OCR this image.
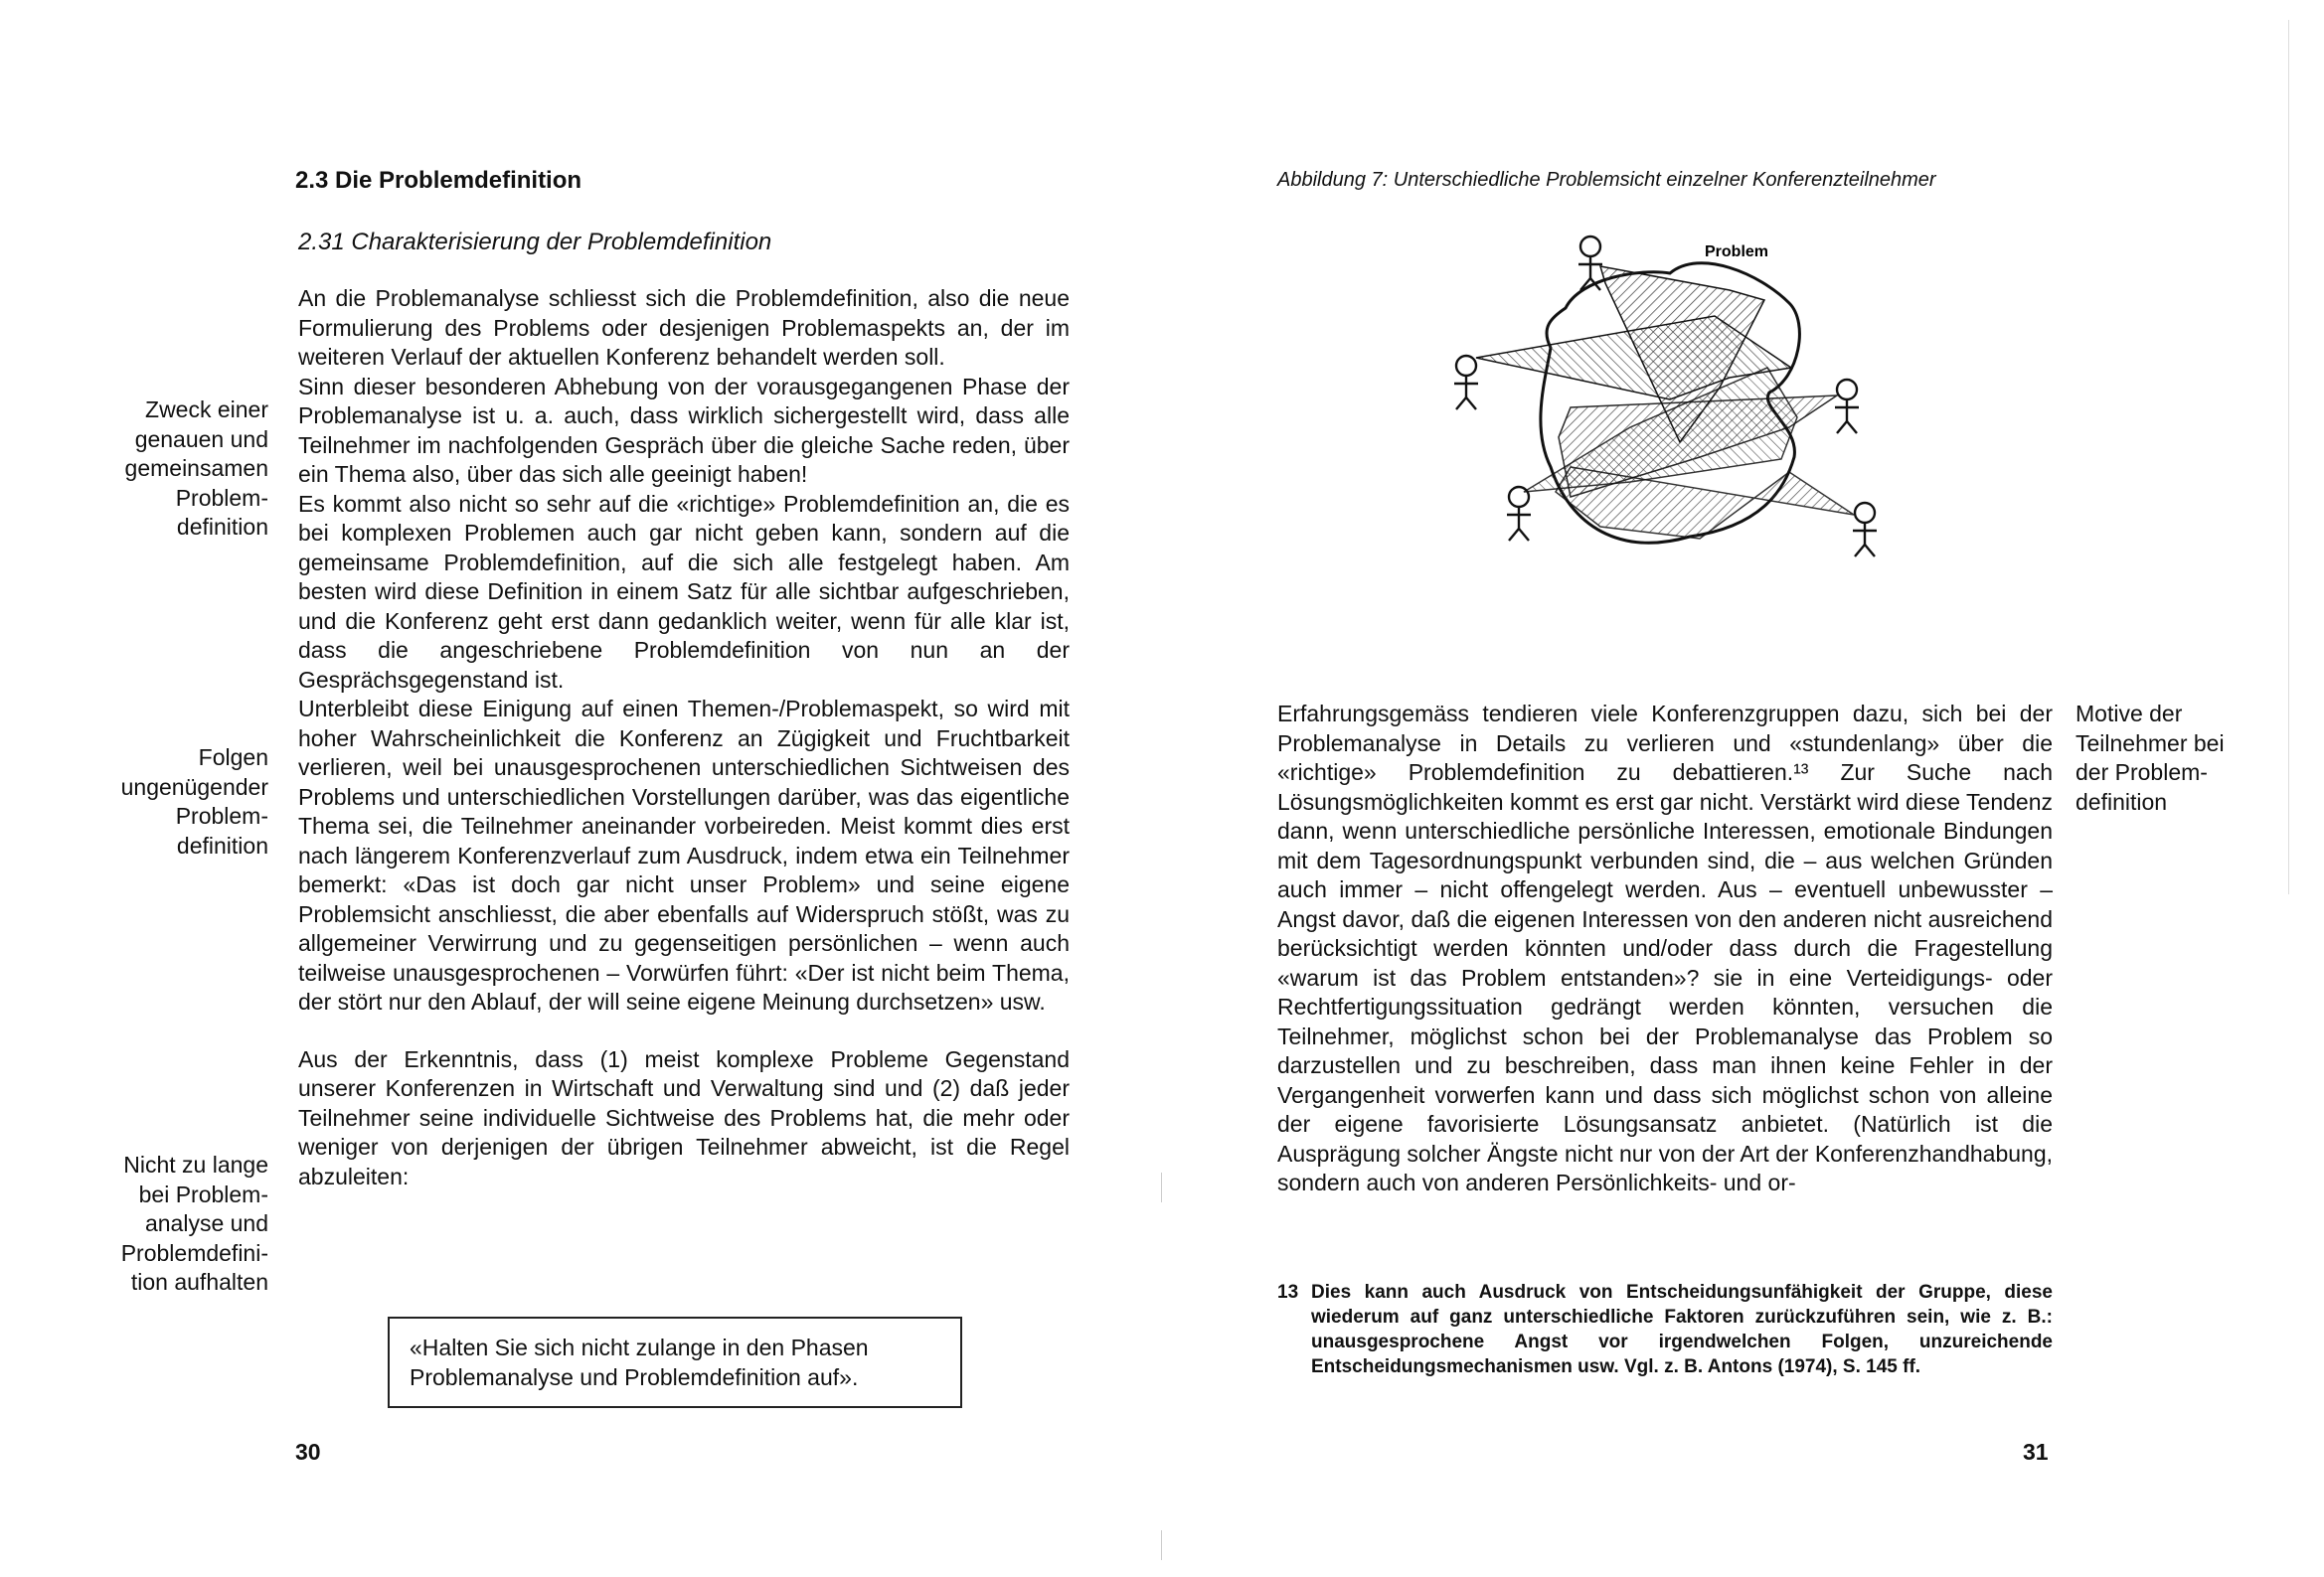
2.3 Die Problemdefinition
2.31 Charakterisierung der Problemdefinition

An die Problemanalyse schliesst sich die Problemdefinition, also die neue Formulierung des Problems oder desjenigen Problemaspekts an, der im weiteren Verlauf der aktuellen Konferenz behandelt werden soll.

Sinn dieser besonderen Abhebung von der vorausgegangenen Phase der Problemanalyse ist u. a. auch, dass wirklich sichergestellt wird, dass alle Teilnehmer im nachfolgenden Gespräch über die gleiche Sache reden, über ein Thema also, über das sich alle geeinigt haben!

Es kommt also nicht so sehr auf die «richtige» Problemdefinition an, die es bei komplexen Problemen auch gar nicht geben kann, sondern auf die gemeinsame Problemdefinition, auf die sich alle festgelegt haben. Am besten wird diese Definition in einem Satz für alle sichtbar aufgeschrieben, und die Konferenz geht erst dann gedanklich weiter, wenn für alle klar ist, dass die angeschriebene Problemdefinition von nun an der Gesprächsgegenstand ist.

Unterbleibt diese Einigung auf einen Themen-/Problemaspekt, so wird mit hoher Wahrscheinlichkeit die Konferenz an Zügigkeit und Fruchtbarkeit verlieren, weil bei unausgesprochenen unterschiedlichen Sichtweisen des Problems und unterschiedlichen Vorstellungen darüber, was das eigentliche Thema sei, die Teilnehmer aneinander vorbeireden. Meist kommt dies erst nach längerem Konferenzverlauf zum Ausdruck, indem etwa ein Teilnehmer bemerkt: «Das ist doch gar nicht unser Problem» und seine eigene Problemsicht anschliesst, die aber ebenfalls auf Widerspruch stößt, was zu allgemeiner Verwirrung und zu gegenseitigen persönlichen – wenn auch teilweise unausgesprochenen – Vorwürfen führt: «Der ist nicht beim Thema, der stört nur den Ablauf, der will seine eigene Meinung durchsetzen» usw.

Aus der Erkenntnis, dass (1) meist komplexe Probleme Gegenstand unserer Konferenzen in Wirtschaft und Verwaltung sind und (2) daß jeder Teilnehmer seine individuelle Sichtweise des Problems hat, die mehr oder weniger von derjenigen der übrigen Teilnehmer abweicht, ist die Regel abzuleiten:

Zweck einer
genauen und
gemeinsamen
Problem-
definition
Folgen
ungenügender
Problem-
definition
Nicht zu lange
bei Problem-
analyse und
Problemdefini-
tion aufhalten
«Halten Sie sich nicht zulange in den Phasen Problemanalyse und Problemdefinition auf».
30
Abbildung 7: Unterschiedliche Problemsicht einzelner Konferenzteilnehmer
Problem

Erfahrungsgemäss tendieren viele Konferenzgruppen dazu, sich bei der Problemanalyse in Details zu verlieren und «stundenlang» über die «richtige» Problemdefinition zu debattieren.¹³ Zur Suche nach Lösungsmöglichkeiten kommt es erst gar nicht. Verstärkt wird diese Tendenz dann, wenn unterschiedliche persönliche Interessen, emotionale Bindungen mit dem Tagesordnungspunkt verbunden sind, die – aus welchen Gründen auch immer – nicht offengelegt werden. Aus – eventuell unbewusster – Angst davor, daß die eigenen Interessen von den anderen nicht ausreichend berücksichtigt werden könnten und/oder dass durch die Fragestellung «warum ist das Problem entstanden»? sie in eine Verteidigungs- oder Rechtfertigungssituation gedrängt werden könnten, versuchen die Teilnehmer, möglichst schon bei der Problemanalyse das Problem so darzustellen und zu beschreiben, dass man ihnen keine Fehler in der Vergangenheit vorwerfen kann und dass sich möglichst schon von alleine der eigene favorisierte Lösungsansatz anbietet. (Natürlich ist die Ausprägung solcher Ängste nicht nur von der Art der Konferenzhandhabung, sondern auch von anderen Persönlichkeits- und or-

Motive der
Teilnehmer bei
der Problem-
definition
13 Dies kann auch Ausdruck von Entscheidungsunfähigkeit der Gruppe, diese wiederum auf ganz unterschiedliche Faktoren zurückzuführen sein, wie z. B.: unausgesprochene Angst vor irgendwelchen Folgen, unzureichende Entscheidungsmechanismen usw. Vgl. z. B. Antons (1974), S. 145 ff.
31
